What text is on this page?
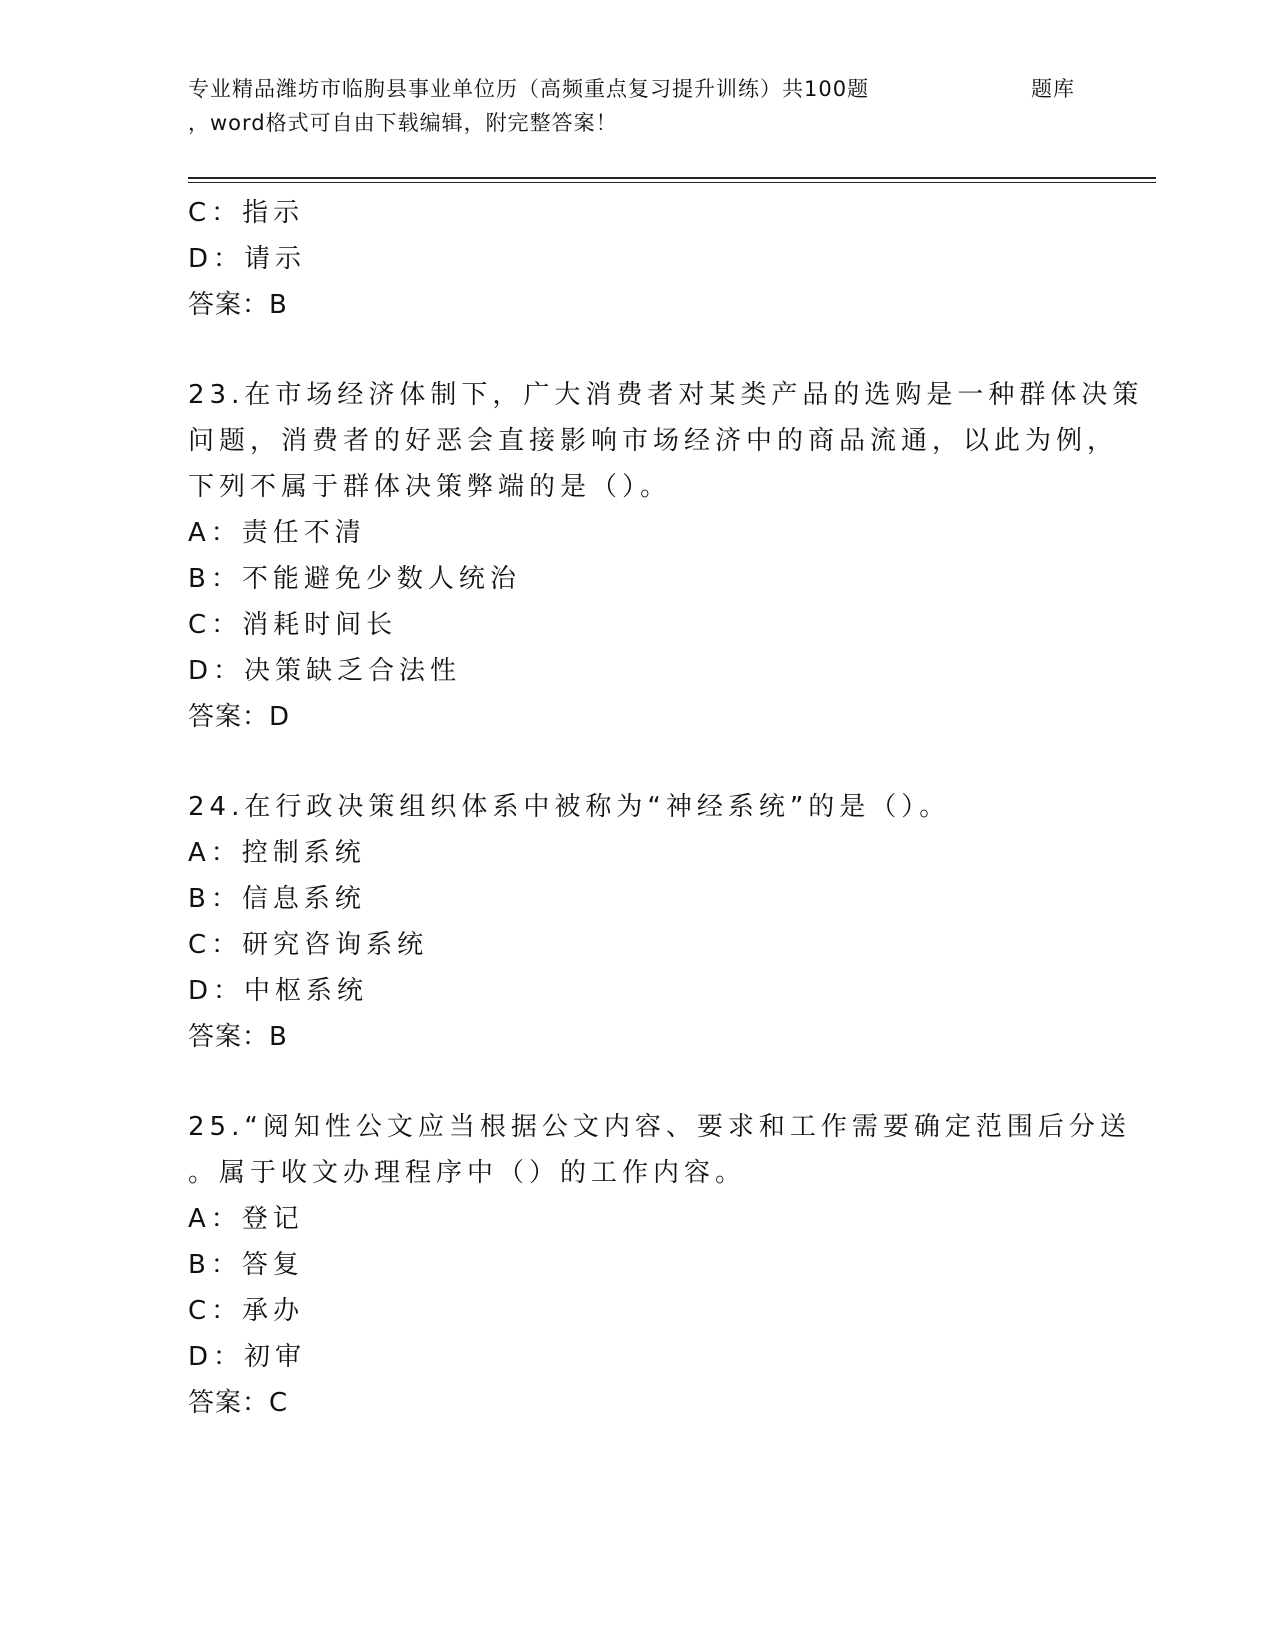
专业精品潍坊市临朐县事业单位历（高频重点复习提升训练）共100题	题库
，word格式可自由下载编辑，附完整答案！
C：指示
D：请示
答案：B
23.在市场经济体制下，广大消费者对某类产品的选购是一种群体决策
问题，消费者的好恶会直接影响市场经济中的商品流通，以此为例，
下列不属于群体决策弊端的是（）。
A：责任不清
B：不能避免少数人统治
C：消耗时间长
D：决策缺乏合法性
答案：D
24.在行政决策组织体系中被称为“神经系统”的是（）。
A：控制系统
B：信息系统
C：研究咨询系统
D：中枢系统
答案：B
25.“阅知性公文应当根据公文内容、要求和工作需要确定范围后分送
。属于收文办理程序中（）的工作内容。
A：登记
B：答复
C：承办
D：初审
答案：C
